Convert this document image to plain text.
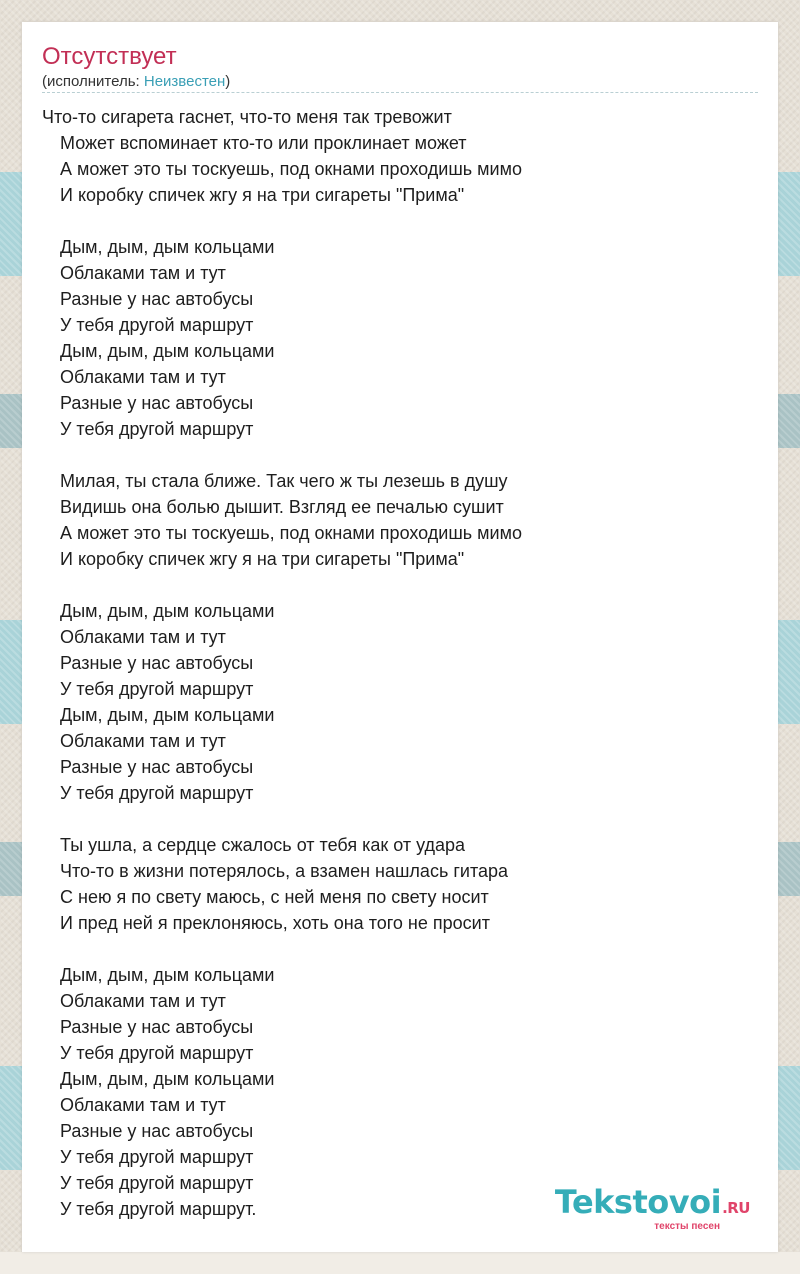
Отсутствует
(исполнитель: Неизвестен)
Что-то сигарета гаснет, что-то меня так тревожит
Может вспоминает кто-то или проклинает может
А может это ты тоскуешь, под окнами проходишь мимо
И коробку спичек жгу я на три сигареты "Прима"
Дым, дым, дым кольцами
Облаками там и тут
Разные у нас автобусы
У тебя другой маршрут
Дым, дым, дым кольцами
Облаками там и тут
Разные у нас автобусы
У тебя другой маршрут
Милая, ты стала ближе. Так чего ж ты лезешь в душу
Видишь она болью дышит. Взгляд ее печалью сушит
А может это ты тоскуешь, под окнами проходишь мимо
И коробку спичек жгу я на три сигареты "Прима"
Дым, дым, дым кольцами
Облаками там и тут
Разные у нас автобусы
У тебя другой маршрут
Дым, дым, дым кольцами
Облаками там и тут
Разные у нас автобусы
У тебя другой маршрут
Ты ушла, а сердце сжалось от тебя как от удара
Что-то в жизни потерялось, а взамен нашлась гитара
С нею я по свету маюсь, с ней меня по свету носит
И пред ней я преклоняюсь, хоть она того не просит
Дым, дым, дым кольцами
Облаками там и тут
Разные у нас автобусы
У тебя другой маршрут
Дым, дым, дым кольцами
Облаками там и тут
Разные у нас автобусы
У тебя другой маршрут
У тебя другой маршрут
У тебя другой маршрут.	Tekstovoi.RU
тексты песен
